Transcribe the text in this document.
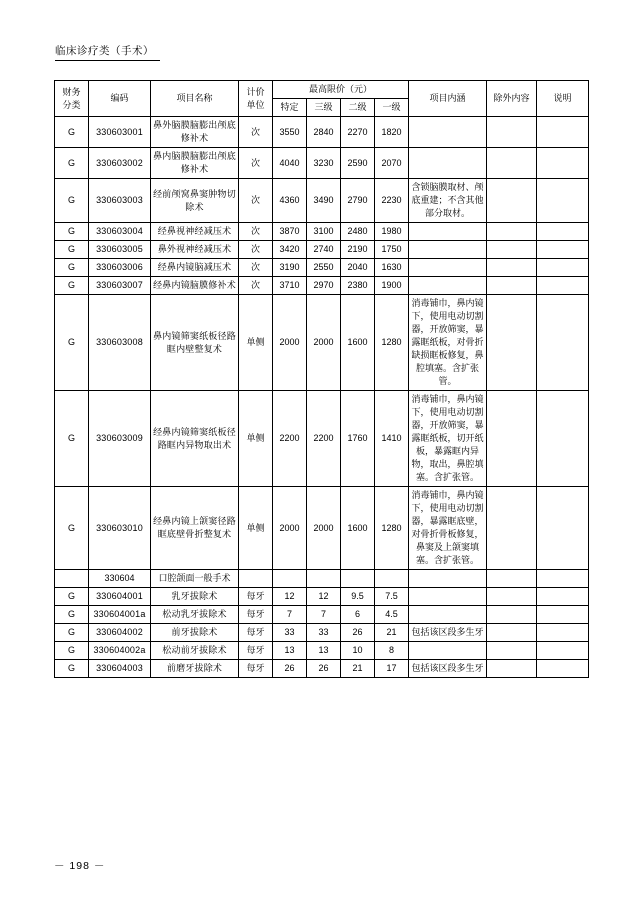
临床诊疗类（手术）
财务
分类	编码	项目名称	计价
单位	最高限价（元）				项目内涵	除外内容	说明
				特定	三级	二级	一级			
G	330603001	鼻外脑膜脑膨出颅底修补术	次	3550	2840	2270	1820			
G	330603002	鼻内脑膜脑膨出颅底修补术	次	4040	3230	2590	2070			
G	330603003	经前颅窝鼻窦肿物切除术	次	4360	3490	2790	2230	含锁脑膜取材、颅底重建；不含其他部分取材。		
G	330603004	经鼻视神经减压术	次	3870	3100	2480	1980			
G	330603005	鼻外视神经减压术	次	3420	2740	2190	1750			
G	330603006	经鼻内镜脑减压术	次	3190	2550	2040	1630			
G	330603007	经鼻内镜脑膜修补术	次	3710	2970	2380	1900			
G	330603008	鼻内镜筛窦纸板径路眶内壁整复术	单侧	2000	2000	1600	1280	消毒铺巾，鼻内镜下，使用电动切割器，开放筛窦，暴露眶纸板，对骨折缺损眶板修复，鼻腔填塞。含扩张管。		
G	330603009	经鼻内镜筛窦纸板径路眶内异物取出术	单侧	2200	2200	1760	1410	消毒铺巾，鼻内镜下，使用电动切割器，开放筛窦，暴露眶纸板，切开纸板，暴露眶内异物，取出，鼻腔填塞。含扩张管。		
G	330603010	经鼻内镜上颌窦径路眶底壁骨折整复术	单侧	2000	2000	1600	1280	消毒铺巾，鼻内镜下，使用电动切割器，暴露眶底壁，对骨折骨板修复，鼻窦及上颌窦填塞。含扩张管。		
	330604	口腔颌面一般手术								
G	330604001	乳牙拔除术	每牙	12	12	9.5	7.5			
G	330604001a	松动乳牙拔除术	每牙	7	7	6	4.5			
G	330604002	前牙拔除术	每牙	33	33	26	21	包括该区段多生牙		
G	330604002a	松动前牙拔除术	每牙	13	13	10	8			
G	330604003	前磨牙拔除术	每牙	26	26	21	17	包括该区段多生牙		
－ 198 －
